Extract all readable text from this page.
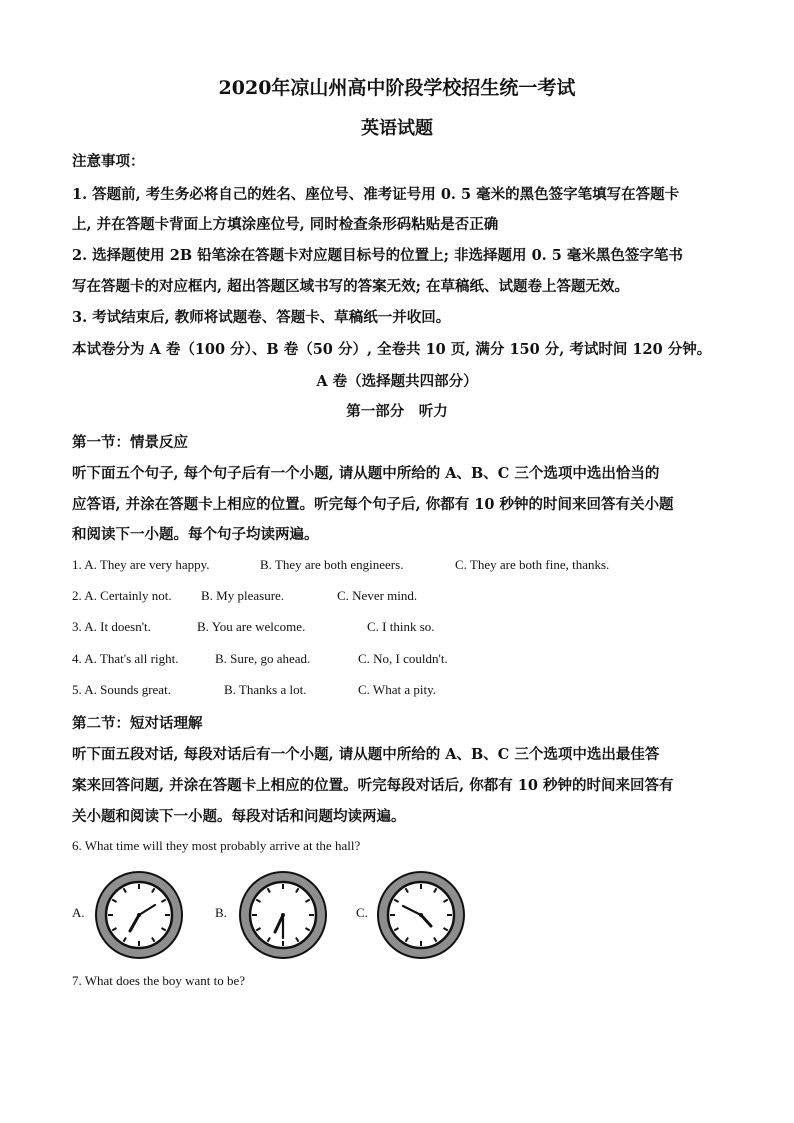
2020年凉山州高中阶段学校招生统一考试
英语试题
注意事项：
1. 答题前, 考生务必将自己的姓名、座位号、准考证号用 0. 5 毫米的黑色签字笔填写在答题卡
上, 并在答题卡背面上方填涂座位号, 同时检查条形码粘贴是否正确
2. 选择题使用 2B 铅笔涂在答题卡对应题目标号的位置上; 非选择题用 0. 5 毫米黑色签字笔书
写在答题卡的对应框内, 超出答题区域书写的答案无效; 在草稿纸、试题卷上答题无效。
3. 考试结束后, 教师将试题卷、答题卡、草稿纸一并收回。
本试卷分为 A 卷（100 分）、B 卷（50 分）, 全卷共 10 页, 满分 150 分, 考试时间 120 分钟。
A 卷（选择题共四部分）
第一部分　听力
第一节：情景反应
听下面五个句子, 每个句子后有一个小题, 请从题中所给的 A、B、C 三个选项中选出恰当的
应答语, 并涂在答题卡上相应的位置。听完每个句子后, 你都有 10 秒钟的时间来回答有关小题
和阅读下一小题。每个句子均读两遍。
1. A. They are very happy.	B. They are both engineers.	C. They are both fine, thanks.
2. A. Certainly not. B. My pleasure.	C. Never mind.
3. A. It doesn't.	B. You are welcome.	C. I think so.
4. A. That's all right.	B. Sure, go ahead.	C. No, I couldn't.
5. A. Sounds great.	B. Thanks a lot.	C. What a pity.
第二节：短对话理解
听下面五段对话, 每段对话后有一个小题, 请从题中所给的 A、B、C 三个选项中选出最佳答
案来回答问题, 并涂在答题卡上相应的位置。听完每段对话后, 你都有 10 秒钟的时间来回答有
关小题和阅读下一小题。每段对话和问题均读两遍。
6. What time will they most probably arrive at the hall?
A.	B.	C.
7. What does the boy want to be?
